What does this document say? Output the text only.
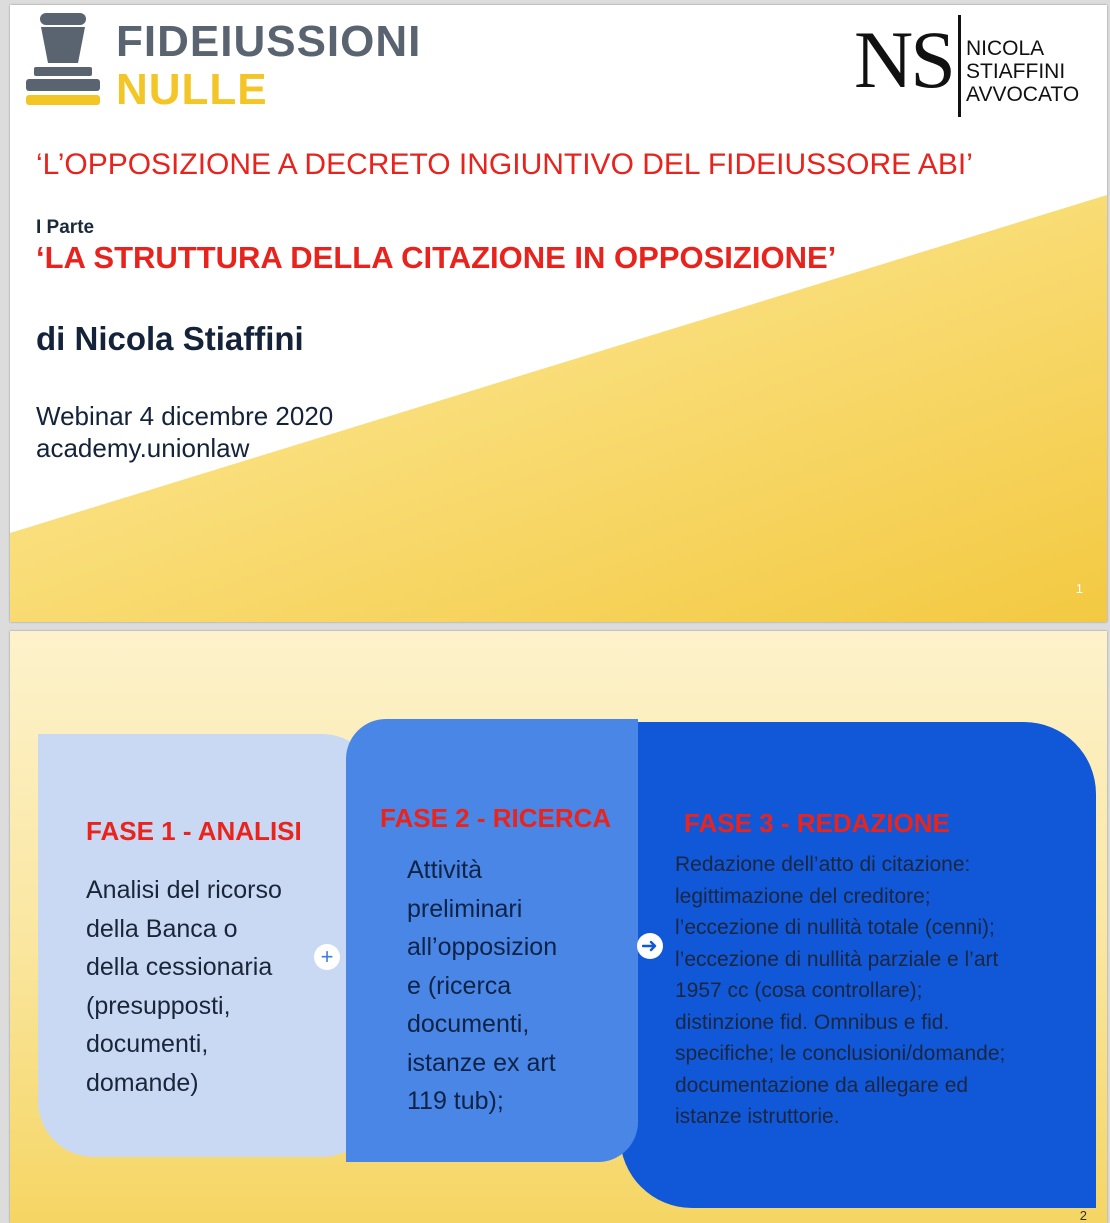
FIDEIUSSIONI
NULLE	NS NICOLA
STIAFFINI
AVVOCATO
‘L’OPPOSIZIONE A DECRETO INGIUNTIVO DEL FIDEIUSSORE ABI’
I Parte
‘LA STRUTTURA DELLA CITAZIONE IN OPPOSIZIONE’
di Nicola Stiaffini
Webinar 4 dicembre 2020
academy.unionlaw
1
FASE 3 - REDAZIONE
Redazione dell’atto di citazione:
legittimazione del creditore;
l’eccezione di nullità totale (cenni);
l’eccezione di nullità parziale e l’art
1957 cc (cosa controllare);
distinzione fid. Omnibus e fid.
specifiche; le conclusioni/domande;
documentazione da allegare ed
istanze istruttorie.
FASE 1 - ANALISI
Analisi del ricorso
della Banca o
della cessionaria
(presupposti,
documenti,
domande)
FASE 2 - RICERCA
Attività
preliminari
all’opposizion
e (ricerca
documenti,
istanze ex art
119 tub);
+
2
